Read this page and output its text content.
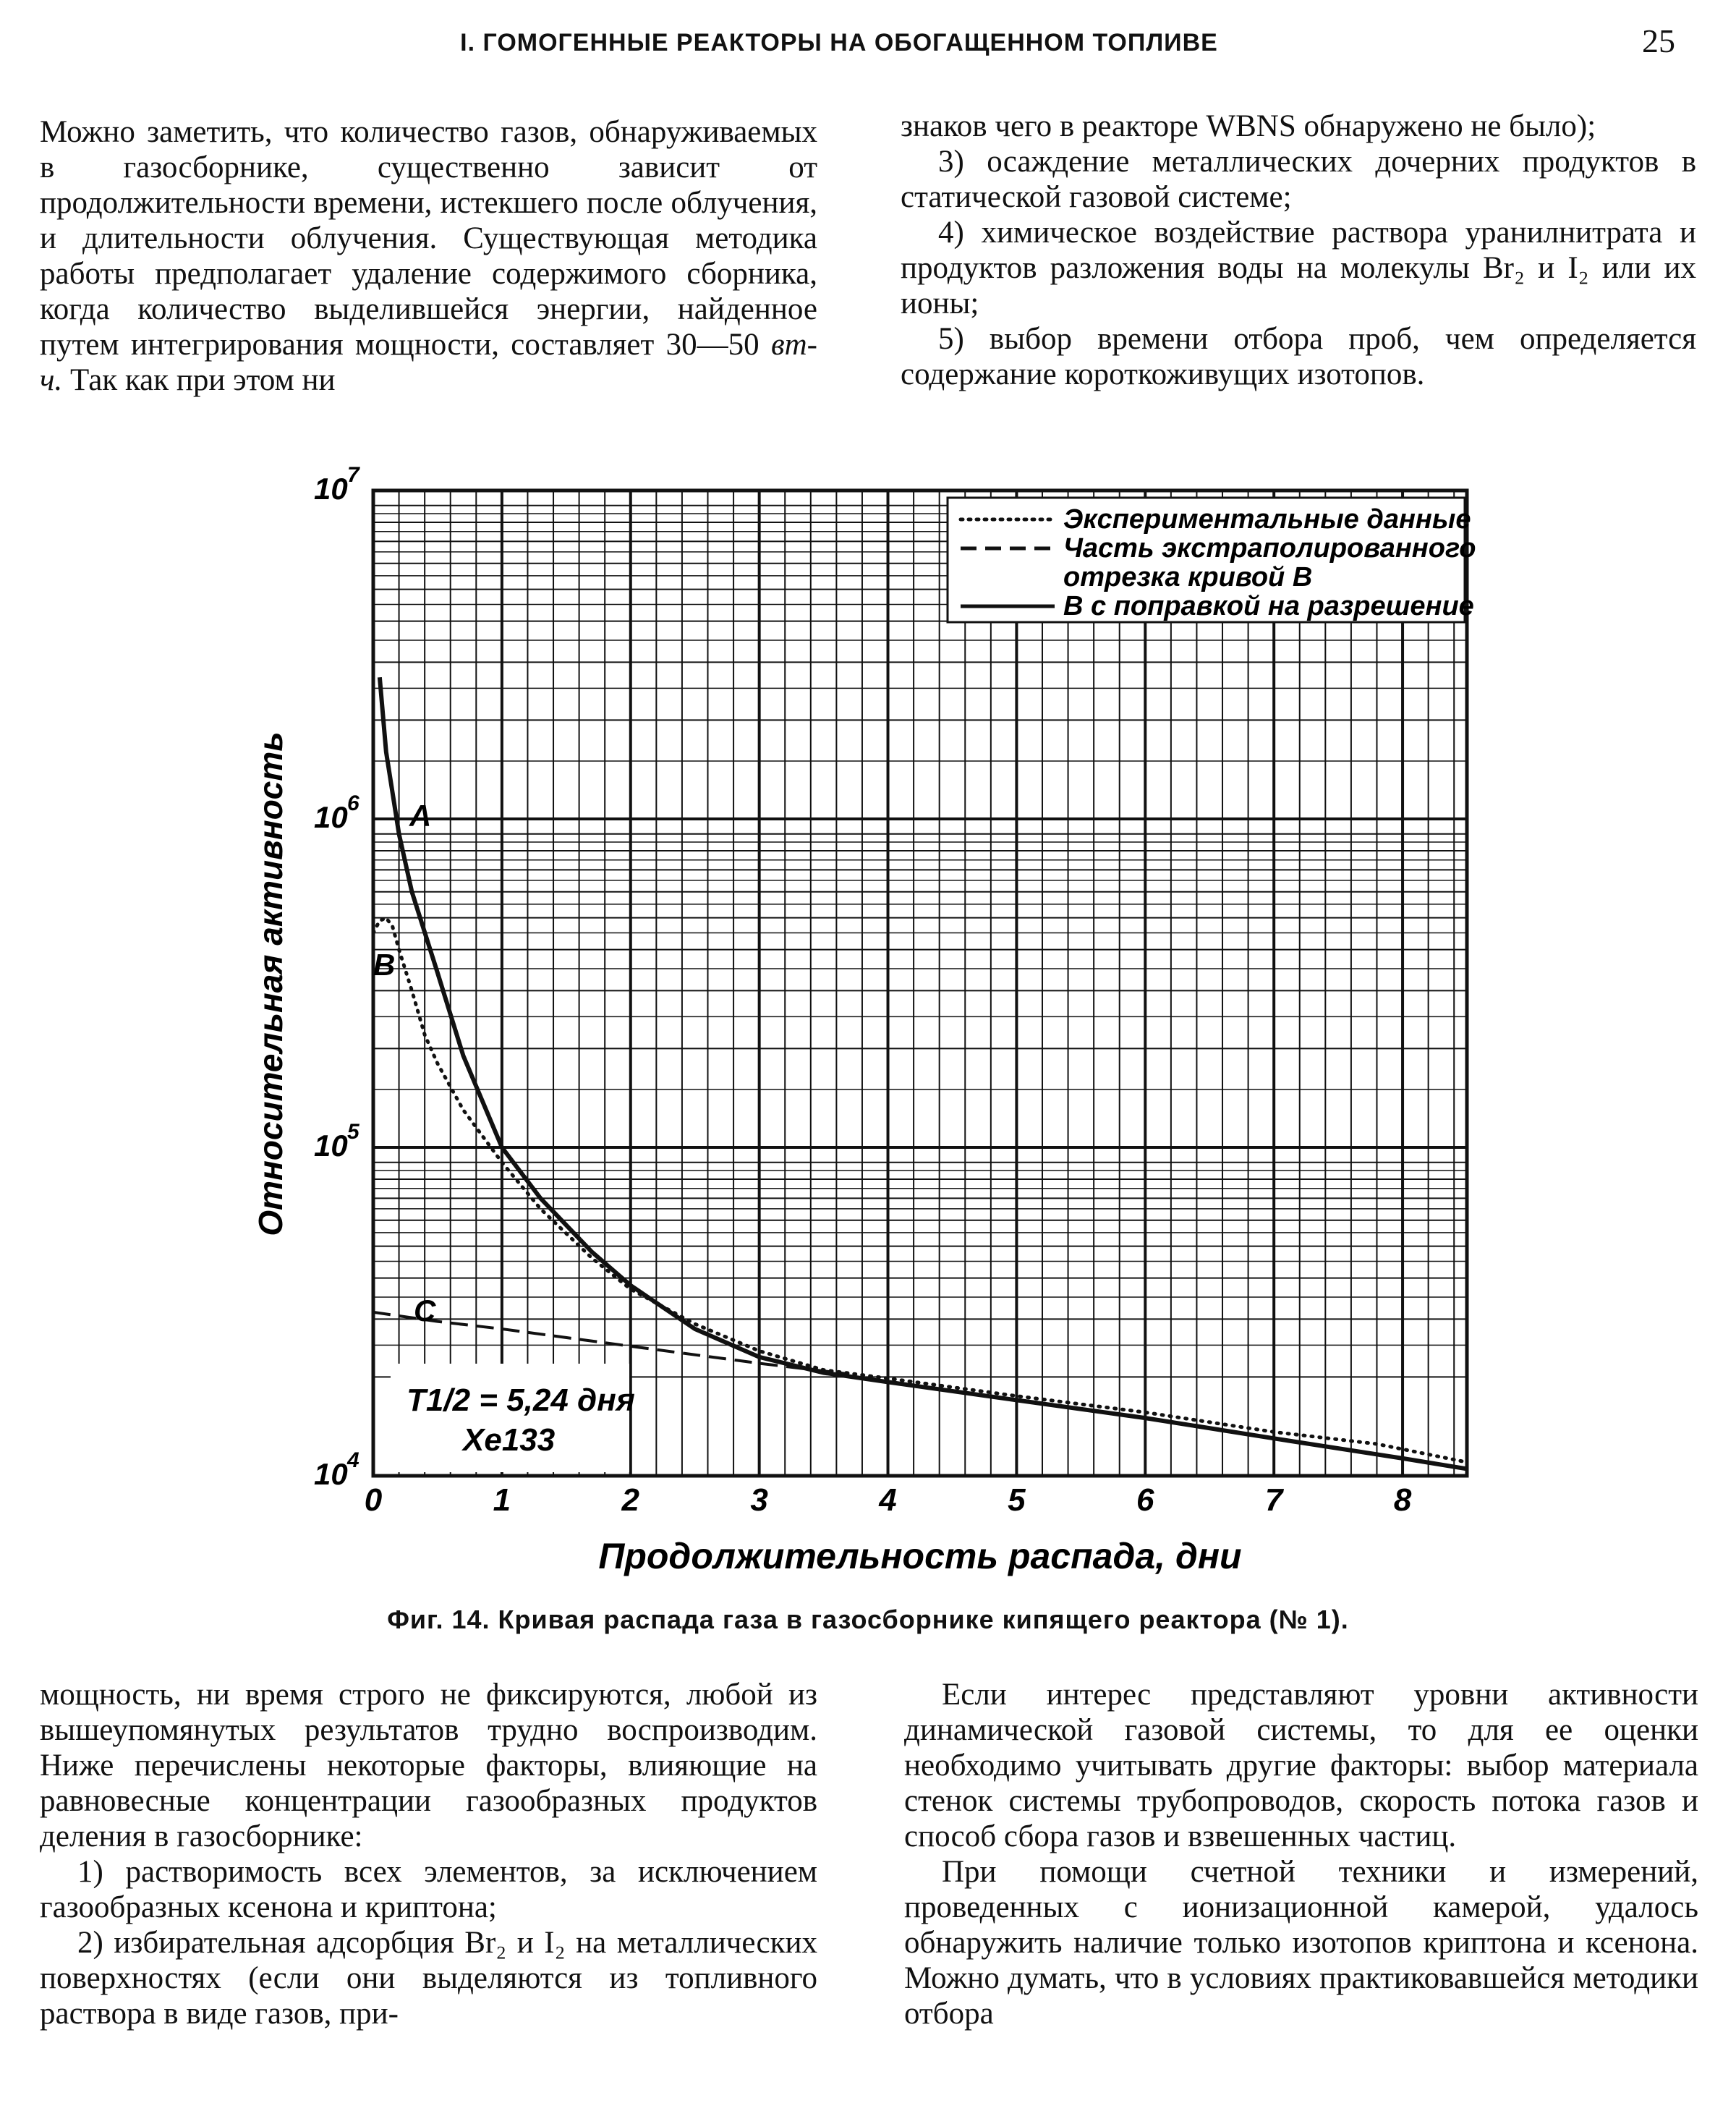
I. ГОМОГЕННЫЕ РЕАКТОРЫ НА ОБОГАЩЕННОМ ТОПЛИВЕ	25

Можно заметить, что количество газов, обнаруживаемых в газосборнике, существенно зависит от продолжительности времени, истекшего после облучения, и длительности облучения. Существующая методика работы предполагает удаление содержимого сборника, когда количество выделившейся энергии, найденное путем интегрирования мощности, составляет 30—50 вт-ч. Так как при этом ни

знаков чего в реакторе WBNS обнаружено не было);

3) осаждение металлических дочерних продуктов в статической газовой системе;

4) химическое воздействие раствора уранилнитрата и продуктов разложения воды на молекулы Br₂ и I₂ или их ионы;

5) выбор времени отбора проб, чем определяется содержание короткоживущих изотопов.

Экспериментальные данные
Часть экстраполированного
отрезка кривой B
B с поправкой на разрешение
T1/2 = 5,24 дня
Xe133
A
B
C
0	1	2	3	4	5	6	7	8
10 4
10 5
10 6
10 7
Продолжительность распада, дни
Относительная активность
Фиг. 14. Кривая распада газа в газосборнике кипящего реактора (№ 1).

мощность, ни время строго не фиксируются, любой из вышеупомянутых результатов трудно воспроизводим. Ниже перечислены некоторые факторы, влияющие на равновесные концентрации газообразных продуктов деления в газосборнике:

1) растворимость всех элементов, за исключением газообразных ксенона и криптона;

2) избирательная адсорбция Br₂ и I₂ на металлических поверхностях (если они выделяются из топливного раствора в виде газов, при-

Если интерес представляют уровни активности динамической газовой системы, то для ее оценки необходимо учитывать другие факторы: выбор материала стенок системы трубопроводов, скорость потока газов и способ сбора газов и взвешенных частиц.

При помощи счетной техники и измерений, проведенных с ионизационной камерой, удалось обнаружить наличие только изотопов криптона и ксенона. Можно думать, что в условиях практиковавшейся методики отбора
